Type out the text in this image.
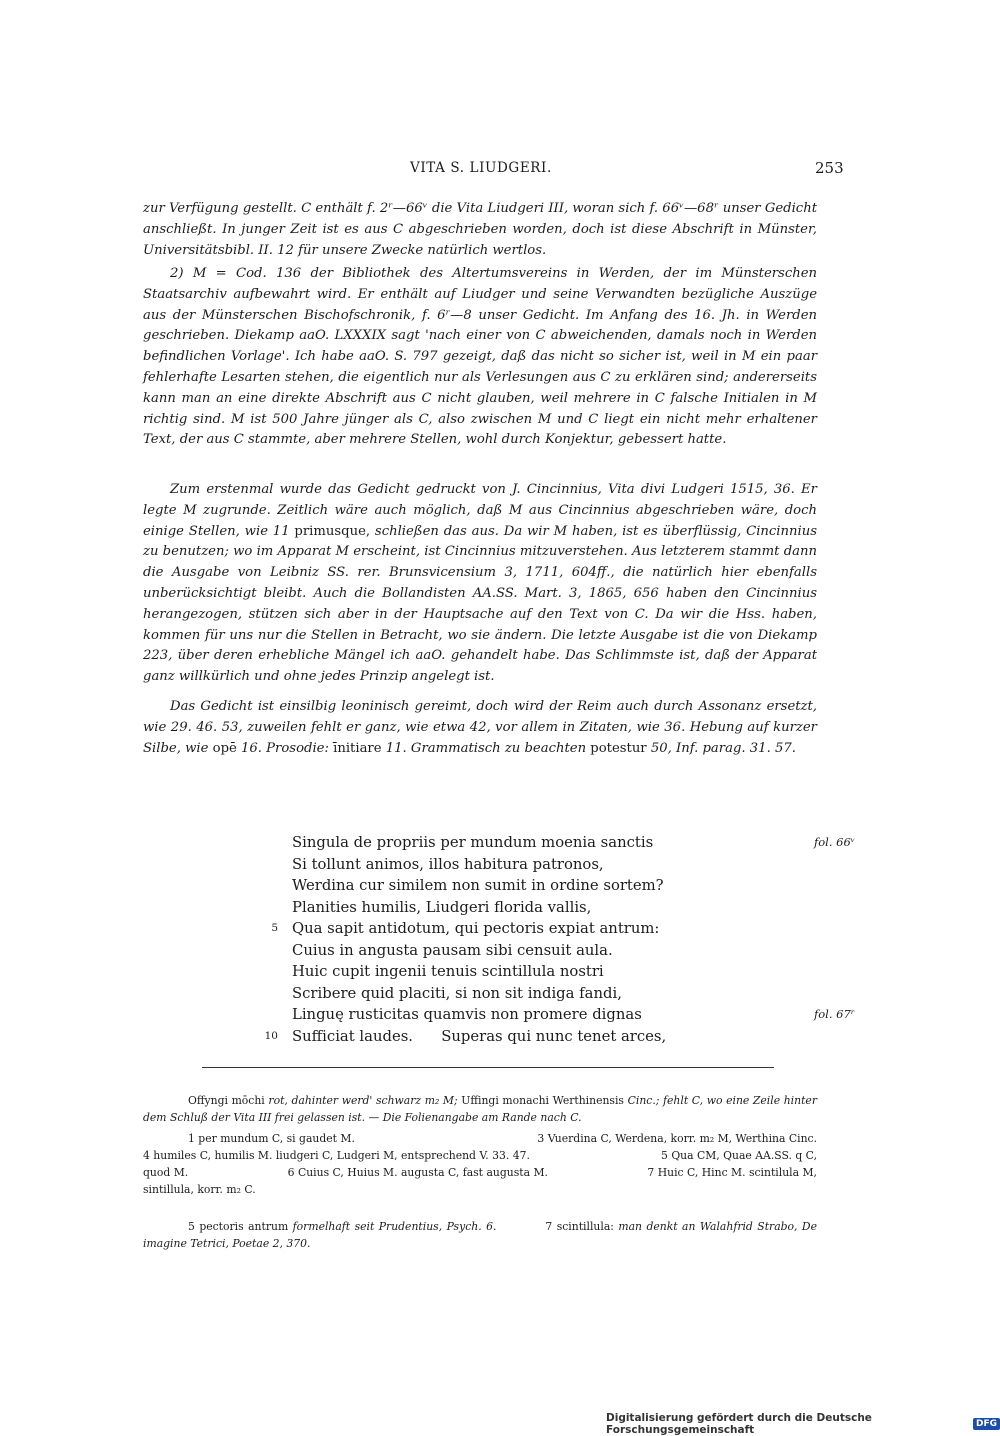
VITA S. LIUDGERI.	253
zur Verfügung gestellt. C enthält f. 2ʳ—66ᵛ die Vita Liudgeri III, woran sich f. 66ᵛ—68ʳ unser Gedicht anschließt. In junger Zeit ist es aus C abgeschrieben worden, doch ist diese Abschrift in Münster, Universitätsbibl. II. 12 für unsere Zwecke natürlich wertlos.
2) M = Cod. 136 der Bibliothek des Altertumsvereins in Werden, der im Münsterschen Staatsarchiv aufbewahrt wird. Er enthält auf Liudger und seine Verwandten bezügliche Auszüge aus der Münsterschen Bischofschronik, f. 6ʳ—8 unser Gedicht. Im Anfang des 16. Jh. in Werden geschrieben. Diekamp aaO. LXXXIX sagt 'nach einer von C abweichenden, damals noch in Werden befindlichen Vorlage'. Ich habe aaO. S. 797 gezeigt, daß das nicht so sicher ist, weil in M ein paar fehlerhafte Lesarten stehen, die eigentlich nur als Verlesungen aus C zu erklären sind; andererseits kann man an eine direkte Abschrift aus C nicht glauben, weil mehrere in C falsche Initialen in M richtig sind. M ist 500 Jahre jünger als C, also zwischen M und C liegt ein nicht mehr erhaltener Text, der aus C stammte, aber mehrere Stellen, wohl durch Konjektur, gebessert hatte.
Zum erstenmal wurde das Gedicht gedruckt von J. Cincinnius, Vita divi Ludgeri 1515, 36. Er legte M zugrunde. Zeitlich wäre auch möglich, daß M aus Cincinnius abgeschrieben wäre, doch einige Stellen, wie 11 primusque, schließen das aus. Da wir M haben, ist es überflüssig, Cincinnius zu benutzen; wo im Apparat M erscheint, ist Cincinnius mitzuverstehen. Aus letzterem stammt dann die Ausgabe von Leibniz SS. rer. Brunsvicensium 3, 1711, 604ff., die natürlich hier ebenfalls unberücksichtigt bleibt. Auch die Bollandisten AA.SS. Mart. 3, 1865, 656 haben den Cincinnius herangezogen, stützen sich aber in der Hauptsache auf den Text von C. Da wir die Hss. haben, kommen für uns nur die Stellen in Betracht, wo sie ändern. Die letzte Ausgabe ist die von Diekamp 223, über deren erhebliche Mängel ich aaO. gehandelt habe. Das Schlimmste ist, daß der Apparat ganz willkürlich und ohne jedes Prinzip angelegt ist.
Das Gedicht ist einsilbig leoninisch gereimt, doch wird der Reim auch durch Assonanz ersetzt, wie 29. 46. 53, zuweilen fehlt er ganz, wie etwa 42, vor allem in Zitaten, wie 36. Hebung auf kurzer Silbe, wie opē 16. Prosodie: īnitiare 11. Grammatisch zu beachten potestur 50, Inf. parag. 31. 57.
Singula de propriis per mundum moenia sanctis	fol. 66ᵛ
Si tollunt animos, illos habitura patronos,
Werdina cur similem non sumit in ordine sortem?
Planities humilis, Liudgeri florida vallis,
5 Qua sapit antidotum, qui pectoris expiat antrum:
Cuius in angusta pausam sibi censuit aula.
Huic cupit ingenii tenuis scintillula nostri
Scribere quid placiti, si non sit indiga fandi,
Linguę rusticitas quamvis non promere dignas	fol. 67ʳ
10 Sufficiat laudes.      Superas qui nunc tenet arces,
Offyngi mōchi rot, dahinter werd' schwarz m₂ M; Uffingi monachi Werthinensis Cinc.; fehlt C, wo eine Zeile hinter dem Schluß der Vita III frei gelassen ist. — Die Folienangabe am Rande nach C.
1 per mundum C, si gaudet M.	3 Vuerdina C, Werdena, korr. m₂ M, Werthina Cinc.
4 humiles C, humilis M. liudgeri C, Ludgeri M, entsprechend V. 33. 47.	5 Qua CM, Quae AA.SS. q C,
quod M.	6 Cuius C, Huius M. augusta C, fast augusta M.	7 Huic C, Hinc M. scintilula M,
sintillula, korr. m₂ C.
5 pectoris antrum formelhaft seit Prudentius, Psych. 6.	7 scintillula: man denkt an Walahfrid Strabo, De imagine Tetrici, Poetae 2, 370.
Digitalisierung gefördert durch die Deutsche Forschungsgemeinschaft	DFG
